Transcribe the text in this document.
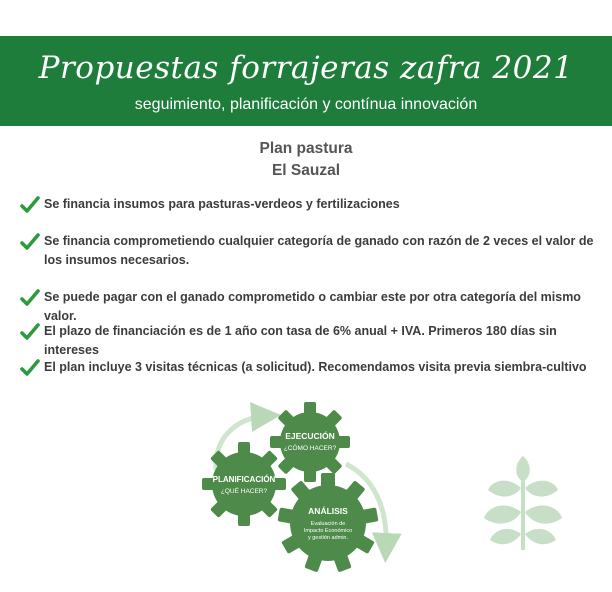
Propuestas forrajeras zafra 2021
seguimiento, planificación y contínua innovación
Plan pastura
El Sauzal
Se financia insumos para pasturas-verdeos y fertilizaciones
Se financia comprometiendo cualquier categoría de ganado con razón de 2 veces el valor de los insumos necesarios.
Se puede pagar con el ganado comprometido o cambiar este por otra categoría del mismo valor.
El plazo de financiación es de 1 año con tasa de 6% anual + IVA. Primeros 180 días sin intereses
El plan incluye 3 visitas técnicas (a solicitud). Recomendamos visita previa siembra-cultivo
EJECUCIÓN
¿CÓMO HACER?
PLANIFICACIÓN
¿QUÉ HACER?
ANÁLISIS
Evaluación de
Impacto Económico
y gestión admin.
